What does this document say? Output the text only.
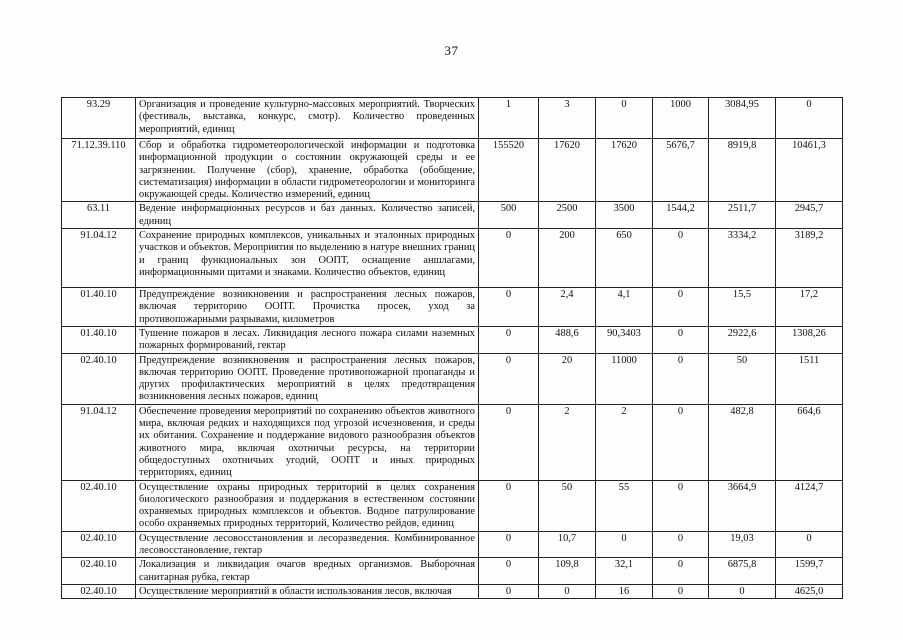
37
93.29	Организация и проведение культурно-массовых мероприятий. Творческих (фестиваль, выставка, конкурс, смотр). Количество проведенных мероприятий, единиц	1	3	0	1000	3084,95	0
71.12.39.110	Сбор и обработка гидрометеорологической информации и подготовка информационной продукции о состоянии окружающей среды и ее загрязнении. Получение (сбор), хранение, обработка (обобщение, систематизация) информации в области гидрометеорологии и мониторинга окружающей среды. Количество измерений, единиц	155520	17620	17620	5676,7	8919,8	10461,3
63.11	Ведение информационных ресурсов и баз данных. Количество записей, единиц	500	2500	3500	1544,2	2511,7	2945,7
91.04.12	Сохранение природных комплексов, уникальных и эталонных природных участков и объектов. Мероприятия по выделению в натуре внешних границ и границ функциональных зон ООПТ, оснащение аншлагами, информационными щитами и знаками. Количество объектов, единиц	0	200	650	0	3334,2	3189,2
01.40.10	Предупреждение возникновения и распространения лесных пожаров, включая территорию ООПТ. Прочистка просек, уход за противопожарными разрывами, километров	0	2,4	4,1	0	15,5	17,2
01.40.10	Тушение пожаров в лесах. Ликвидация лесного пожара силами наземных пожарных формирований, гектар	0	488,6	90,3403	0	2922,6	1308,26
02.40.10	Предупреждение возникновения и распространения лесных пожаров, включая территорию ООПТ. Проведение противопожарной пропаганды и других профилактических мероприятий в целях предотвращения возникновения лесных пожаров, единиц	0	20	11000	0	50	1511
91.04.12	Обеспечение проведения мероприятий по сохранению объектов животного мира, включая редких и находящихся под угрозой исчезновения, и среды их обитания. Сохранение и поддержание видового разнообразия объектов животного мира, включая охотничьи ресурсы, на территории общедоступных охотничьих угодий, ООПТ и иных природных территориях, единиц	0	2	2	0	482,8	664,6
02.40.10	Осуществление охраны природных территорий в целях сохранения биологического разнообразия и поддержания в естественном состоянии охраняемых природных комплексов и объектов. Водное патрулирование особо охраняемых природных территорий, Количество рейдов, единиц	0	50	55	0	3664,9	4124,7
02.40.10	Осуществление лесовосстановления и лесоразведения. Комбинированное лесовосстановление, гектар	0	10,7	0	0	19,03	0
02.40.10	Локализация и ликвидация очагов вредных организмов. Выборочная санитарная рубка, гектар	0	109,8	32,1	0	6875,8	1599,7
02.40.10	Осуществление мероприятий в области использования лесов, включая	0	0	16	0	0	4625,0
